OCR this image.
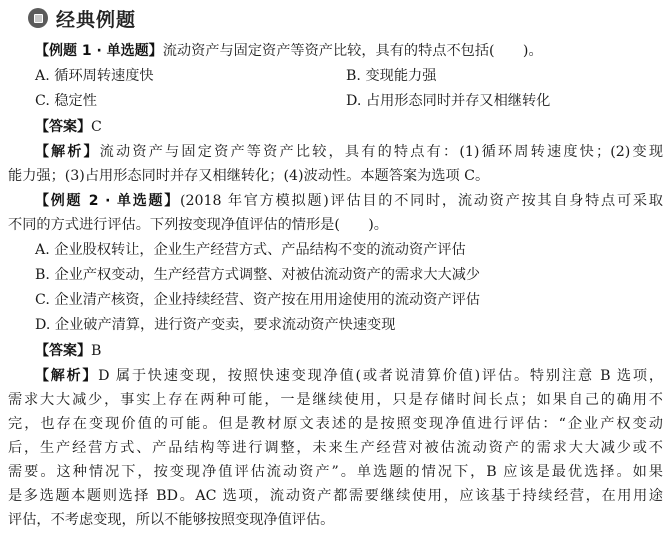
经典例题
【例题 1 · 单选题】流动资产与固定资产等资产比较，具有的特点不包括(　　)。
A. 循环周转速度快	B. 变现能力强
C. 稳定性	D. 占用形态同时并存又相继转化
【答案】C
【解析】流动资产与固定资产等资产比较，具有的特点有：(1)循环周转速度快；(2)变现
能力强；(3)占用形态同时并存又相继转化；(4)波动性。本题答案为选项 C。
【例题 2 · 单选题】(2018 年官方模拟题)评估目的不同时，流动资产按其自身特点可采取
不同的方式进行评估。下列按变现净值评估的情形是(　　)。
A. 企业股权转让，企业生产经营方式、产品结构不变的流动资产评估
B. 企业产权变动，生产经营方式调整、对被估流动资产的需求大大减少
C. 企业清产核资，企业持续经营、资产按在用用途使用的流动资产评估
D. 企业破产清算，进行资产变卖，要求流动资产快速变现
【答案】B
【解析】D 属于快速变现，按照快速变现净值(或者说清算价值)评估。特别注意 B 选项，
需求大大减少，事实上存在两种可能，一是继续使用，只是存储时间长点；如果自己的确用不
完，也存在变现价值的可能。但是教材原文表述的是按照变现净值进行评估：“企业产权变动
后，生产经营方式、产品结构等进行调整，未来生产经营对被估流动资产的需求大大减少或不
需要。这种情况下，按变现净值评估流动资产”。单选题的情况下，B 应该是最优选择。如果
是多选题本题则选择 BD。AC 选项，流动资产都需要继续使用，应该基于持续经营，在用用途
评估，不考虑变现，所以不能够按照变现净值评估。
